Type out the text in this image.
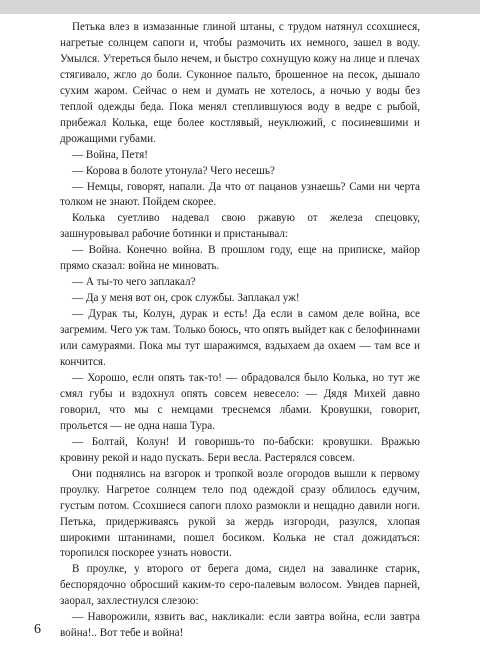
Петька влез в измазанные глиной штаны, с трудом натянул ссохшиеся, нагретые солнцем сапоги и, чтобы размочить их немного, зашел в воду. Умылся. Утереться было нечем, и быстро сохнущую кожу на лице и плечах стягивало, жгло до боли. Суконное пальто, брошенное на песок, дышало сухим жаром. Сейчас о нем и думать не хотелось, а ночью у воды без теплой одежды беда. Пока менял степлившуюся воду в ведре с рыбой, прибежал Колька, еще более костлявый, неуклюжий, с посиневшими и дрожащими губами.

— Война, Петя!

— Корова в болоте утонула? Чего несешь?

— Немцы, говорят, напали. Да что от пацанов узнаешь? Сами ни черта толком не знают. Пойдем скорее.

Колька суетливо надевал свою ржавую от железа спецовку, зашнуровывал рабочие ботинки и пристанывал:

— Война. Конечно война. В прошлом году, еще на приписке, майор прямо сказал: война не миновать.

— А ты-то чего заплакал?

— Да у меня вот он, срок службы. Заплакал уж!

— Дурак ты, Колун, дурак и есть! Да если в самом деле война, все загремим. Чего уж там. Только боюсь, что опять выйдет как с белофиннами или самураями. Пока мы тут шаражимся, вздыхаем да охаем — там все и кончится.

— Хорошо, если опять так-то! — обрадовался было Колька, но тут же смял губы и вздохнул опять совсем невесело: — Дядя Михей давно говорил, что мы с немцами треснемся лбами. Кровушки, говорит, прольется — не одна наша Тура.

— Болтай, Колун! И говоришь-то по-бабски: кровушки. Вражью кровину рекой и надо пускать. Бери весла. Растерялся совсем.

Они поднялись на взгорок и тропкой возле огородов вышли к первому проулку. Нагретое солнцем тело под одеждой сразу облилось едучим, густым потом. Ссохшиеся сапоги плохо размокли и нещадно давили ноги. Петька, придерживаясь рукой за жердь изгороди, разулся, хлопая широкими штанинами, пошел босиком. Колька не стал дожидаться: торопился поскорее узнать новости.

В проулке, у второго от берега дома, сидел на завалинке старик, беспорядочно обросший каким-то серо-палевым волосом. Увидев парней, заорал, захлестнулся слезою:

— Наворожили, язвить вас, накликали: если завтра война, если завтра война!.. Вот тебе и война!

6
